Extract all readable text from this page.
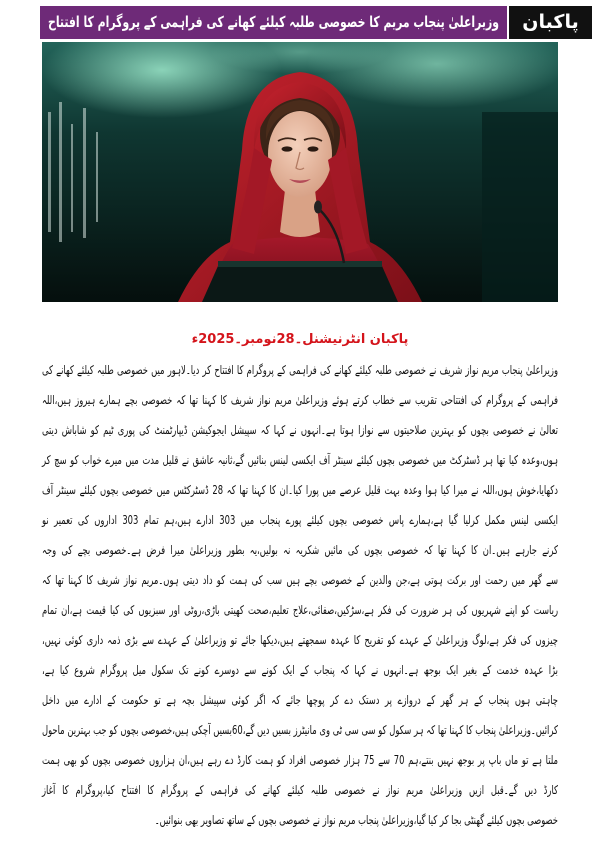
وزیراعلیٰ پنجاب مریم کا خصوصی طلبہ کیلئے کھانے کی فراہمی کے پروگرام کا افتتاح پاکبان
پاکبان انٹرنیشنل۔28نومبر۔2025ء
وزیراعلیٰ پنجاب مریم نواز شریف نے خصوصی طلبہ کیلئے کھانے کی فراہمی کے پروگرام کا افتتاح کر دیا۔لاہور میں خصوصی طلبہ کیلئے کھانے کی
فراہمی کے پروگرام کی افتتاحی تقریب سے خطاب کرتے ہوئے وزیراعلیٰ مریم نواز شریف کا کہنا تھا کہ خصوصی بچے ہمارے ہیروز ہیں،اللہ
تعالیٰ نے خصوصی بچوں کو بہترین صلاحیتوں سے نوازا ہوتا ہے۔انہوں نے کہا کہ سپیشل ایجوکیشن ڈیپارٹمنٹ کی پوری ٹیم کو شاباش دیتی
ہوں،وعدہ کیا تھا ہر ڈسٹرکٹ میں خصوصی بچوں کیلئے سینٹر آف ایکسی لینس بنائیں گے،ثانیہ عاشق نے قلیل مدت میں میرے خواب کو سچ کر
دکھایا،خوش ہوں،اللہ نے میرا کیا ہوا وعدہ بہت قلیل عرصے میں پورا کیا۔ان کا کہنا تھا کہ 28 ڈسٹرکٹس میں خصوصی بچوں کیلئے سینٹر آف
ایکسی لینس مکمل کرلیا گیا ہے،ہمارے پاس خصوصی بچوں کیلئے پورے پنجاب میں 303 ادارے ہیں،ہم تمام 303 اداروں کی تعمیر نو
کرنے جارہے ہیں۔ان کا کہنا تھا کہ خصوصی بچوں کی مائیں شکریہ نہ بولیں،یہ بطور وزیراعلیٰ میرا فرض ہے۔خصوصی بچے کی وجہ
سے گھر میں رحمت اور برکت ہوتی ہے،جن والدین کے خصوصی بچے ہیں سب کی ہمت کو داد دیتی ہوں۔مریم نواز شریف کا کہنا تھا کہ
ریاست کو اپنے شہریوں کی ہر ضرورت کی فکر ہے،سڑکیں،صفائی،علاج تعلیم،صحت کھیتی باڑی،روٹی اور سبزیوں کی کیا قیمت ہے،ان تمام
چیزوں کی فکر ہے،لوگ وزیراعلیٰ کے عہدے کو تفریح کا عہدہ سمجھتے ہیں،دیکھا جائے تو وزیراعلیٰ کے عہدے سے بڑی ذمہ داری کوئی نہیں،
بڑا عہدہ خدمت کے بغیر ایک بوجھ ہے۔انہوں نے کہا کہ پنجاب کے ایک کونے سے دوسرے کونے تک سکول میل پروگرام شروع کیا ہے،
چاہتی ہوں پنجاب کے ہر گھر کے دروازے پر دستک دے کر پوچھا جائے کہ اگر کوئی سپیشل بچہ ہے تو حکومت کے ادارے میں داخل
کرائیں۔وزیراعلیٰ پنجاب کا کہنا تھا کہ ہر سکول کو سی سی ٹی وی مانیٹرز بسیں دیں گے،60بسیں آچکی ہیں،خصوصی بچوں کو جب بہترین ماحول
ملتا ہے تو ماں باپ پر بوجھ نہیں بنتے،ہم 70 سے 75 ہزار خصوصی افراد کو ہمت کارڈ دے رہے ہیں،ان ہزاروں خصوصی بچوں کو بھی ہمت
کارڈ دیں گے۔قبل ازیں وزیراعلیٰ مریم نواز نے خصوصی طلبہ کیلئے کھانے کی فراہمی کے پروگرام کا افتتاح کیا،پروگرام کا آغاز
خصوصی بچوں کیلئے گھنٹی بجا کر کیا گیا،وزیراعلیٰ پنجاب مریم نواز نے خصوصی بچوں کے ساتھ تصاویر بھی بنوائیں۔
